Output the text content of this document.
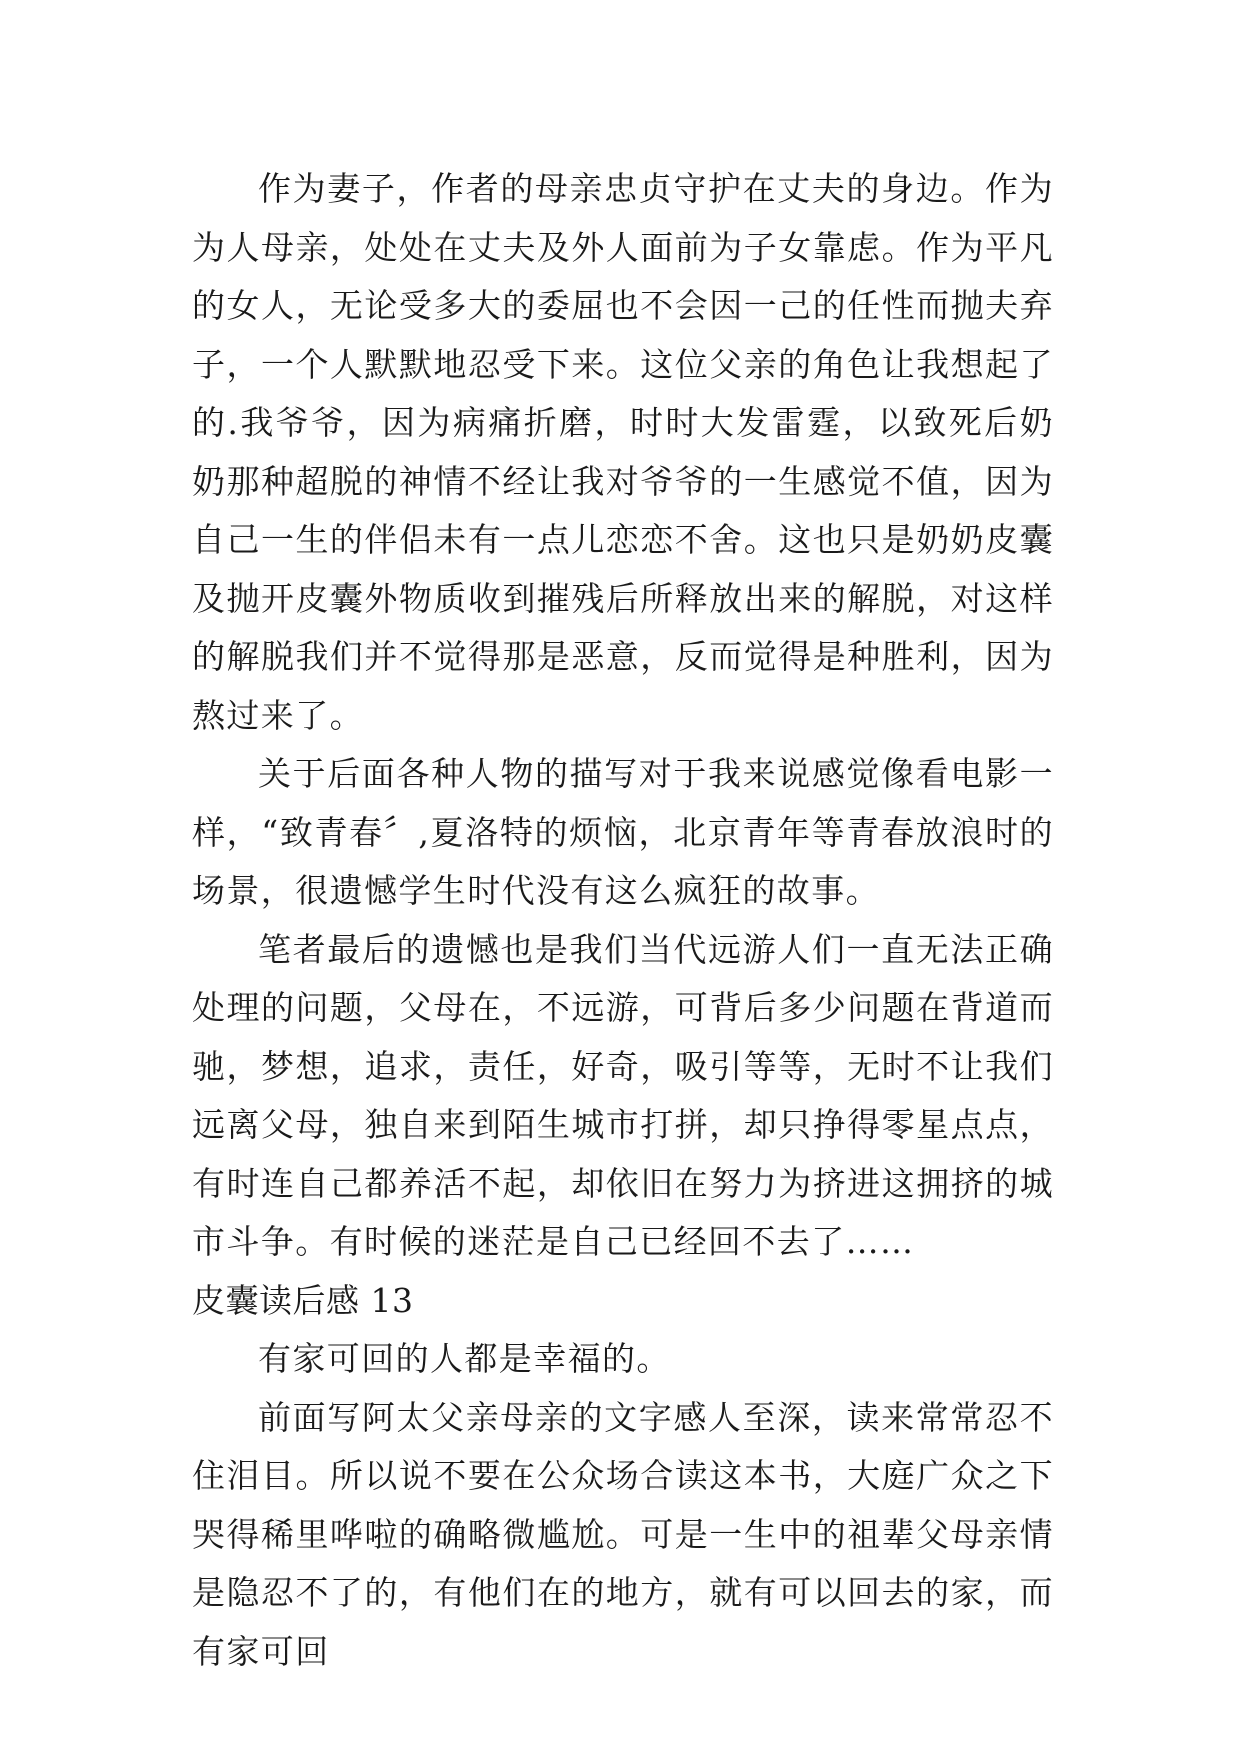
作为妻子，作者的母亲忠贞守护在丈夫的身边。作为为人母亲，处处在丈夫及外人面前为子女靠虑。作为平凡的女人，无论受多大的委屈也不会因一己的任性而抛夫弃子，一个人默默地忍受下来。这位父亲的角色让我想起了的.我爷爷，因为病痛折磨，时时大发雷霆，以致死后奶奶那种超脱的神情不经让我对爷爷的一生感觉不值，因为自己一生的伴侣未有一点儿恋恋不舍。这也只是奶奶皮囊及抛开皮囊外物质收到摧残后所释放出来的解脱，对这样的解脱我们并不觉得那是恶意，反而觉得是种胜利，因为熬过来了。

关于后面各种人物的描写对于我来说感觉像看电影一样，“致青春〞,夏洛特的烦恼，北京青年等青春放浪时的场景，很遗憾学生时代没有这么疯狂的故事。

笔者最后的遗憾也是我们当代远游人们一直无法正确处理的问题，父母在，不远游，可背后多少问题在背道而驰，梦想，追求，责任，好奇，吸引等等，无时不让我们远离父母，独自来到陌生城市打拼，却只挣得零星点点，有时连自己都养活不起，却依旧在努力为挤进这拥挤的城市斗争。有时候的迷茫是自己已经回不去了……

皮囊读后感 13

有家可回的人都是幸福的。

前面写阿太父亲母亲的文字感人至深，读来常常忍不住泪目。所以说不要在公众场合读这本书，大庭广众之下哭得稀里哗啦的确略微尴尬。可是一生中的祖辈父母亲情是隐忍不了的，有他们在的地方，就有可以回去的家，而有家可回
